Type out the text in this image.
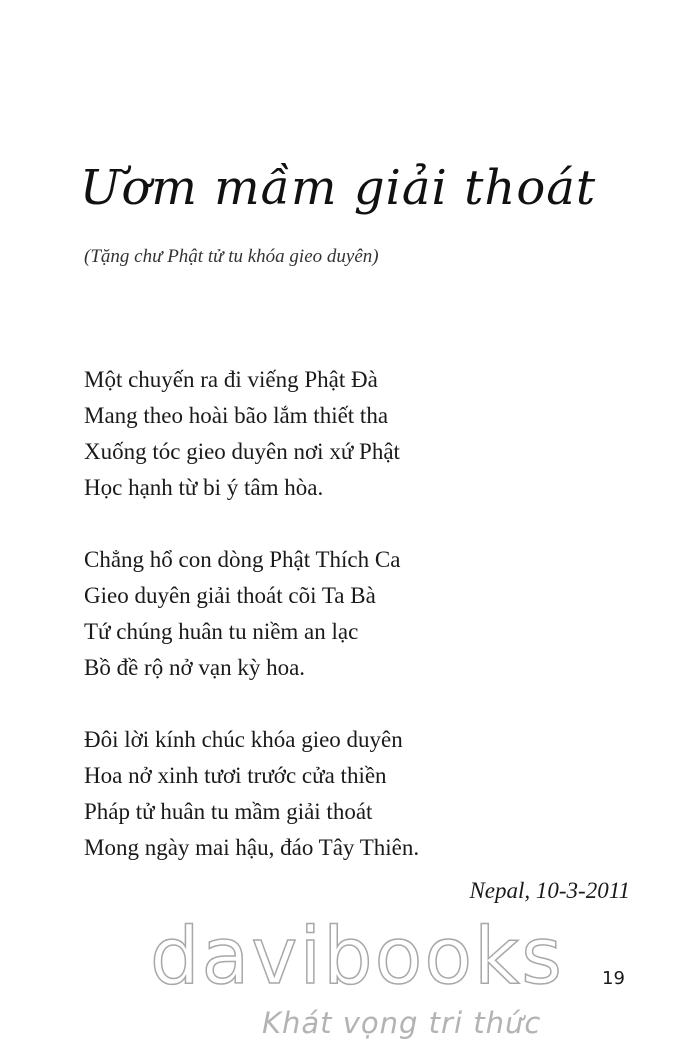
Ươm mầm giải thoát
(Tặng chư Phật tử tu khóa gieo duyên)
Một chuyến ra đi viếng Phật Đà
Mang theo hoài bão lắm thiết tha
Xuống tóc gieo duyên nơi xứ Phật
Học hạnh từ bi ý tâm hòa.
Chẳng hổ con dòng Phật Thích Ca
Gieo duyên giải thoát cõi Ta Bà
Tứ chúng huân tu niềm an lạc
Bồ đề rộ nở vạn kỳ hoa.
Đôi lời kính chúc khóa gieo duyên
Hoa nở xinh tươi trước cửa thiền
Pháp tử huân tu mầm giải thoát
Mong ngày mai hậu, đáo Tây Thiên.
Nepal, 10-3-2011
davibooks
Khát vọng tri thức
19
